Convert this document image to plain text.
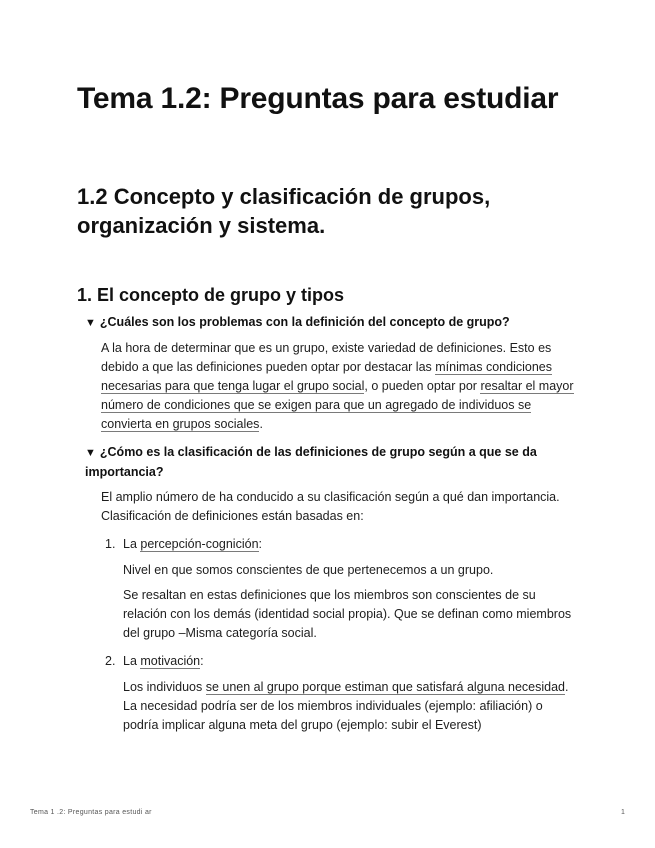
Tema 1.2: Preguntas para estudiar
1.2 Concepto y clasificación de grupos, organización y sistema.
1. El concepto de grupo y tipos
▼ ¿Cuáles son los problemas con la definición del concepto de grupo?
A la hora de determinar que es un grupo, existe variedad de definiciones. Esto es debido a que las definiciones pueden optar por destacar las mínimas condiciones necesarias para que tenga lugar el grupo social, o pueden optar por resaltar el mayor número de condiciones que se exigen para que un agregado de individuos se convierta en grupos sociales.
▼ ¿Cómo es la clasificación de las definiciones de grupo según a que se da importancia?
El amplio número de ha conducido a su clasificación según a qué dan importancia. Clasificación de definiciones están basadas en:
1. La percepción-cognición:
Nivel en que somos conscientes de que pertenecemos a un grupo.
Se resaltan en estas definiciones que los miembros son conscientes de su relación con los demás (identidad social propia). Que se definan como miembros del grupo –Misma categoría social.
2. La motivación:
Los individuos se unen al grupo porque estiman que satisfará alguna necesidad. La necesidad podría ser de los miembros individuales (ejemplo: afiliación) o podría implicar alguna meta del grupo (ejemplo: subir el Everest)
Tema 1 .2: Preguntas para estudi ar	1
